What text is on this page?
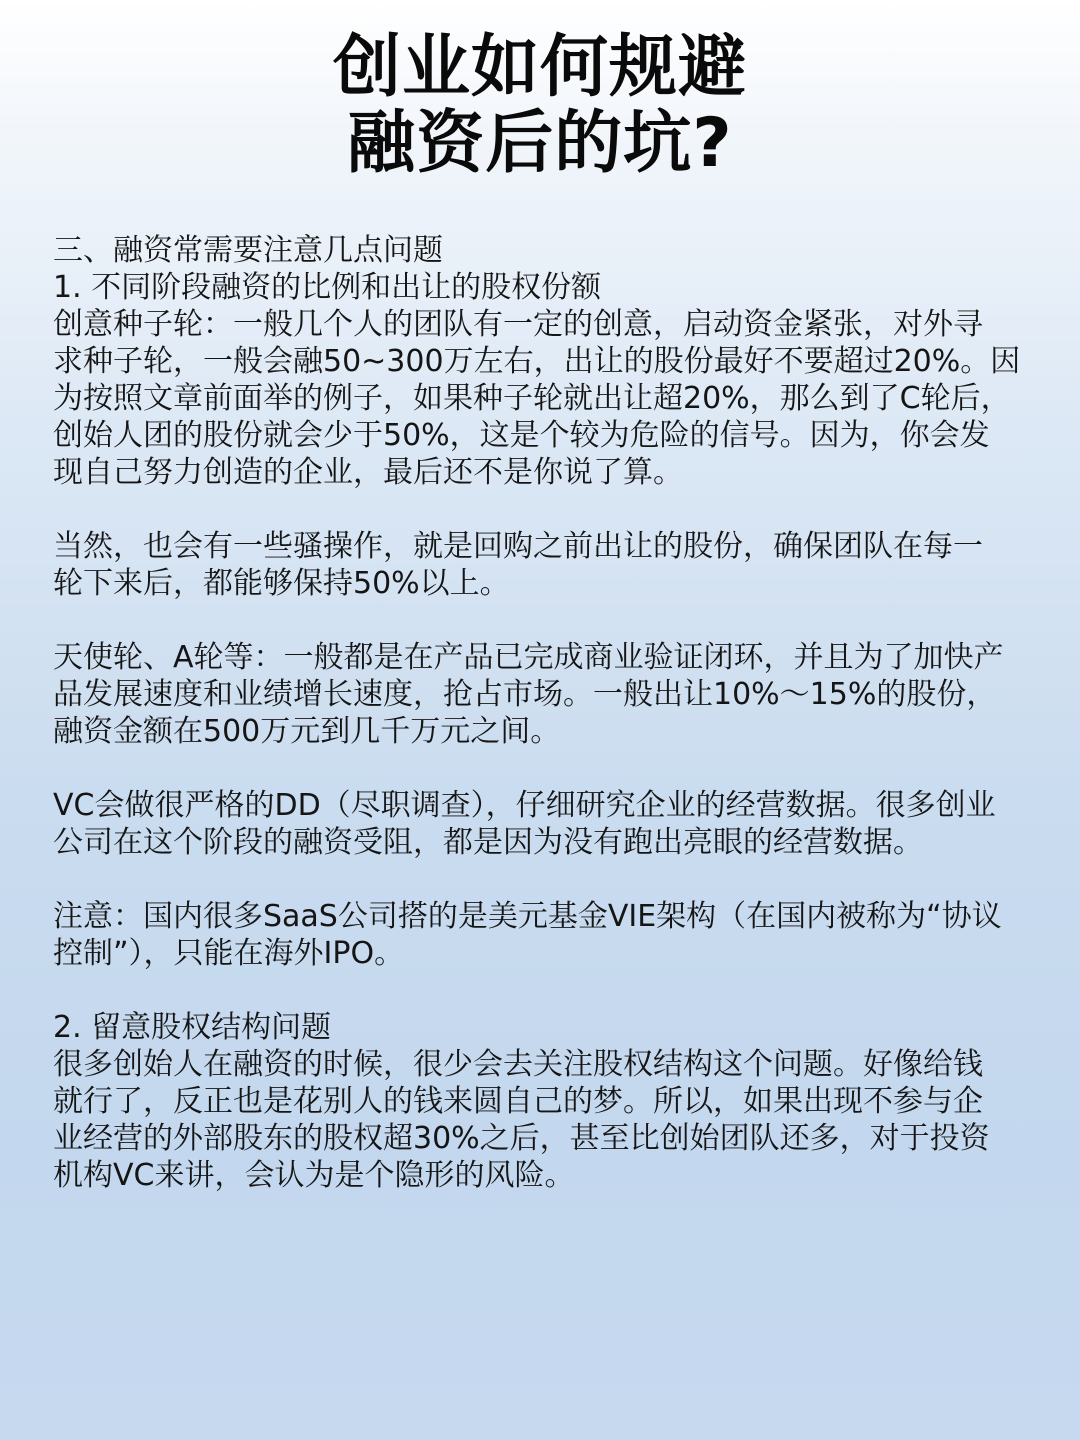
创业如何规避
融资后的坑?

三、融资常需要注意几点问题

1. 不同阶段融资的比例和出让的股权份额

创意种子轮：一般几个人的团队有一定的创意，启动资金紧张，对外寻
求种子轮，一般会融50~300万左右，出让的股份最好不要超过20%。因
为按照文章前面举的例子，如果种子轮就出让超20%，那么到了C轮后，
创始人团的股份就会少于50%，这是个较为危险的信号。因为，你会发
现自己努力创造的企业，最后还不是你说了算。

当然，也会有一些骚操作，就是回购之前出让的股份，确保团队在每一
轮下来后，都能够保持50%以上。

天使轮、A轮等：一般都是在产品已完成商业验证闭环，并且为了加快产
品发展速度和业绩增长速度，抢占市场。一般出让10%～15%的股份，
融资金额在500万元到几千万元之间。

VC会做很严格的DD（尽职调查），仔细研究企业的经营数据。很多创业
公司在这个阶段的融资受阻，都是因为没有跑出亮眼的经营数据。

注意：国内很多SaaS公司搭的是美元基金VIE架构（在国内被称为“协议
控制”），只能在海外IPO。

2. 留意股权结构问题

很多创始人在融资的时候，很少会去关注股权结构这个问题。好像给钱
就行了，反正也是花别人的钱来圆自己的梦。所以，如果出现不参与企
业经营的外部股东的股权超30%之后，甚至比创始团队还多，对于投资
机构VC来讲，会认为是个隐形的风险。
